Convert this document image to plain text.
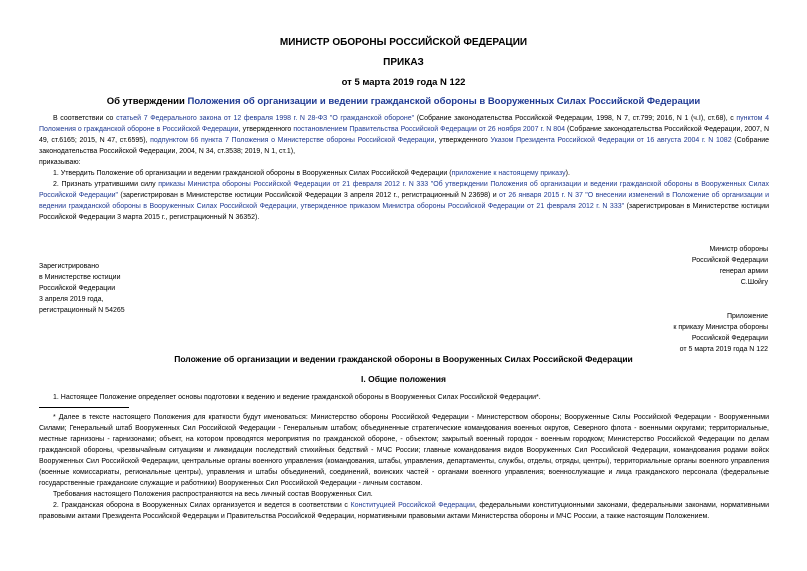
МИНИСТР ОБОРОНЫ РОССИЙСКОЙ ФЕДЕРАЦИИ
ПРИКАЗ
от 5 марта 2019 года N 122
Об утверждении Положения об организации и ведении гражданской обороны в Вооруженных Силах Российской Федерации
В соответствии со статьей 7 Федерального закона от 12 февраля 1998 г. N 28-ФЗ "О гражданской обороне" (Собрание законодательства Российской Федерации, 1998, N 7, ст.799; 2016, N 1 (ч.I), ст.68), с пунктом 4 Положения о гражданской обороне в Российской Федерации, утвержденного постановлением Правительства Российской Федерации от 26 ноября 2007 г. N 804 (Собрание законодательства Российской Федерации, 2007, N 49, ст.6165; 2015, N 47, ст.6595), подпунктом 66 пункта 7 Положения о Министерстве обороны Российской Федерации, утвержденного Указом Президента Российской Федерации от 16 августа 2004 г. N 1082 (Собрание законодательства Российской Федерации, 2004, N 34, ст.3538; 2019, N 1, ст.1),
приказываю:
1. Утвердить Положение об организации и ведении гражданской обороны в Вооруженных Силах Российской Федерации (приложение к настоящему приказу).
2. Признать утратившими силу приказы Министра обороны Российской Федерации от 21 февраля 2012 г. N 333 "Об утверждении Положения об организации и ведении гражданской обороны в Вооруженных Силах Российской Федерации" (зарегистрирован в Министерстве юстиции Российской Федерации 3 апреля 2012 г., регистрационный N 23698) и от 26 января 2015 г. N 37 "О внесении изменений в Положение об организации и ведении гражданской обороны в Вооруженных Силах Российской Федерации, утвержденное приказом Министра обороны Российской Федерации от 21 февраля 2012 г. N 333" (зарегистрирован в Министерстве юстиции Российской Федерации 3 марта 2015 г., регистрационный N 36352).
Министр обороны
Российской Федерации
генерал армии
С.Шойгу
Зарегистрировано
в Министерстве юстиции
Российской Федерации
3 апреля 2019 года,
регистрационный N 54265
Приложение
к приказу Министра обороны
Российской Федерации
от 5 марта 2019 года N 122
Положение об организации и ведении гражданской обороны в Вооруженных Силах Российской Федерации
I. Общие положения
1. Настоящее Положение определяет основы подготовки к ведению и ведение гражданской обороны в Вооруженных Силах Российской Федерации*.
* Далее в тексте настоящего Положения для краткости будут именоваться: Министерство обороны Российской Федерации - Министерством обороны; Вооруженные Силы Российской Федерации - Вооруженными Силами; Генеральный штаб Вооруженных Сил Российской Федерации - Генеральным штабом; объединенные стратегические командования военных округов, Северного флота - военными округами; территориальные, местные гарнизоны - гарнизонами; объект, на котором проводятся мероприятия по гражданской обороне, - объектом; закрытый военный городок - военным городком; Министерство Российской Федерации по делам гражданской обороны, чрезвычайным ситуациям и ликвидации последствий стихийных бедствий - МЧС России; главные командования видов Вооруженных Сил Российской Федерации, командования родами войск Вооруженных Сил Российской Федерации, центральные органы военного управления (командования, штабы, управления, департаменты, службы, отделы, отряды, центры), территориальные органы военного управления (военные комиссариаты, региональные центры), управления и штабы объединений, соединений, воинских частей - органами военного управления; военнослужащие и лица гражданского персонала (федеральные государственные гражданские служащие и работники) Вооруженных Сил Российской Федерации - личным составом.
Требования настоящего Положения распространяются на весь личный состав Вооруженных Сил.
2. Гражданская оборона в Вооруженных Силах организуется и ведется в соответствии с Конституцией Российской Федерации, федеральными конституционными законами, федеральными законами, нормативными правовыми актами Президента Российской Федерации и Правительства Российской Федерации, нормативными правовыми актами Министерства обороны и МЧС России, а также настоящим Положением.
